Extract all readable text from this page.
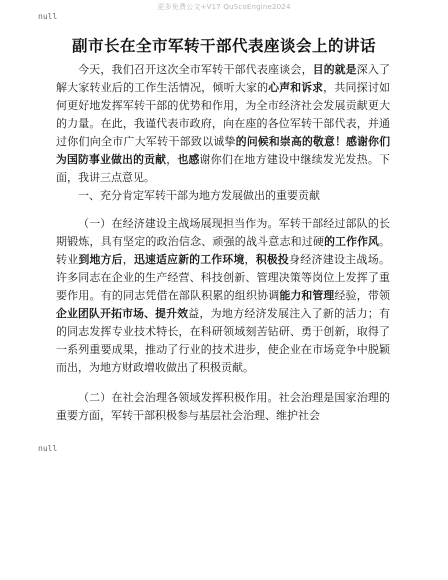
更多免费公文+V17 QuScoEngine2024
null
副市长在全市军转干部代表座谈会上的讲话

今天，我们召开这次全市军转干部代表座谈会，目的就是深入了解大家转业后的工作生活情况，倾听大家的心声和诉求，共同探讨如何更好地发挥军转干部的优势和作用，为全市经济社会发展贡献更大的力量。在此，我谨代表市政府，向在座的各位军转干部代表，并通过你们向全市广大军转干部致以诚挚的问候和崇高的敬意！感谢你们为国防事业做出的贡献，也感谢你们在地方建设中继续发光发热。下面，我讲三点意见。

一、充分肯定军转干部为地方发展做出的重要贡献

（一）在经济建设主战场展现担当作为。军转干部经过部队的长期锻炼，具有坚定的政治信念、顽强的战斗意志和过硬的工作作风。转业到地方后，迅速适应新的工作环境，积极投身经济建设主战场。许多同志在企业的生产经营、科技创新、管理决策等岗位上发挥了重要作用。有的同志凭借在部队积累的组织协调能力和管理经验，带领企业团队开拓市场、提升效益，为地方经济发展注入了新的活力；有的同志发挥专业技术特长，在科研领域刻苦钻研、勇于创新，取得了一系列重要成果，推动了行业的技术进步，使企业在市场竞争中脱颖而出，为地方财政增收做出了积极贡献。

（二）在社会治理各领域发挥积极作用。社会治理是国家治理的重要方面，军转干部积极参与基层社会治理、维护社会

null
